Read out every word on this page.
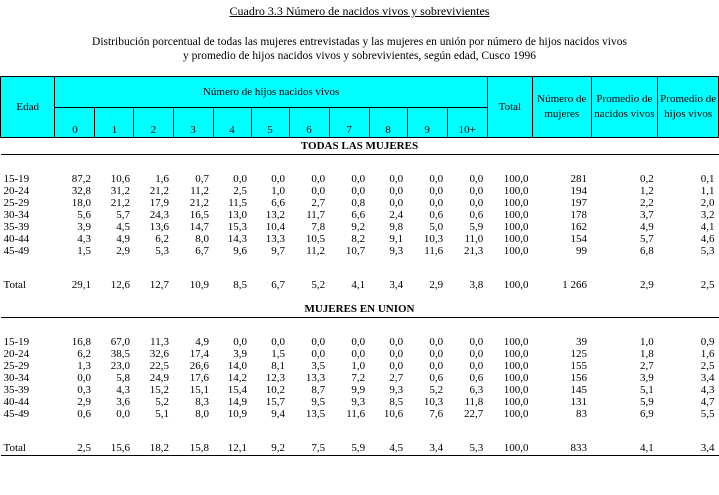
Cuadro 3.3 Número de nacidos vivos y sobrevivientes
Distribución porcentual de todas las mujeres entrevistadas y las mujeres en unión por número de hijos nacidos vivos
y promedio de hijos nacidos vivos y sobrevivientes, según edad, Cusco 1996
Edad	Número de hijos nacidos vivos											Total	Número de mujeres	Promedio de nacidos vivos	Promedio de hijos vivos
	0	1	2	3	4	5	6	7	8	9	10+				
TODAS LAS MUJERES															

15-19	87,2	10,6	1,6	0,7	0,0	0,0	0,0	0,0	0,0	0,0	0,0	100,0	281	0,2	0,1
20-24	32,8	31,2	21,2	11,2	2,5	1,0	0,0	0,0	0,0	0,0	0,0	100,0	194	1,2	1,1
25-29	18,0	21,2	17,9	21,2	11,5	6,6	2,7	0,8	0,0	0,0	0,0	100,0	197	2,2	2,0
30-34	5,6	5,7	24,3	16,5	13,0	13,2	11,7	6,6	2,4	0,6	0,6	100,0	178	3,7	3,2
35-39	3,9	4,5	13,6	14,7	15,3	10,4	7,8	9,2	9,8	5,0	5,9	100,0	162	4,9	4,1
40-44	4,3	4,9	6,2	8,0	14,3	13,3	10,5	8,2	9,1	10,3	11,0	100,0	154	5,7	4,6
45-49	1,5	2,9	5,3	6,7	9,6	9,7	11,2	10,7	9,3	11,6	21,3	100,0	99	6,8	5,3

Total	29,1	12,6	12,7	10,9	8,5	6,7	5,2	4,1	3,4	2,9	3,8	100,0	1 266	2,9	2,5

MUJERES EN UNION															

15-19	16,8	67,0	11,3	4,9	0,0	0,0	0,0	0,0	0,0	0,0	0,0	100,0	39	1,0	0,9
20-24	6,2	38,5	32,6	17,4	3,9	1,5	0,0	0,0	0,0	0,0	0,0	100,0	125	1,8	1,6
25-29	1,3	23,0	22,5	26,6	14,0	8,1	3,5	1,0	0,0	0,0	0,0	100,0	155	2,7	2,5
30-34	0,0	5,8	24,9	17,6	14,2	12,3	13,3	7,2	2,7	0,6	0,6	100,0	156	3,9	3,4
35-39	0,3	4,3	15,2	15,1	15,4	10,2	8,7	9,9	9,3	5,2	6,3	100,0	145	5,1	4,3
40-44	2,9	3,6	5,2	8,3	14,9	15,7	9,5	9,3	8,5	10,3	11,8	100,0	131	5,9	4,7
45-49	0,6	0,0	5,1	8,0	10,9	9,4	13,5	11,6	10,6	7,6	22,7	100,0	83	6,9	5,5

Total	2,5	15,6	18,2	15,8	12,1	9,2	7,5	5,9	4,5	3,4	5,3	100,0	833	4,1	3,4
